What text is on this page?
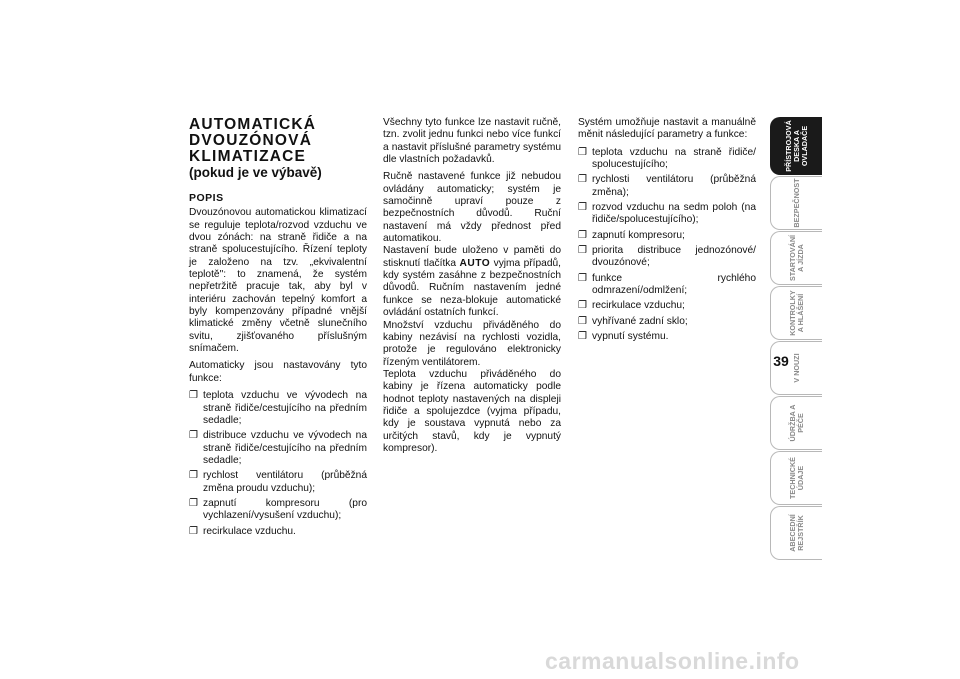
AUTOMATICKÁ
DVOUZÓNOVÁ
KLIMATIZACE
(pokud je ve výbavě)
POPIS

Dvouzónovou automatickou klimatizací se reguluje teplota/rozvod vzduchu ve dvou zónách: na straně řidiče a na straně spolucestujícího. Řízení teploty je založeno na tzv. „ekvivalentní teplotě": to znamená, že systém nepřetržitě pracuje tak, aby byl v interiéru zachován tepelný komfort a byly kompenzovány případné vnější klimatické změny včetně slunečního svitu, zjišťovaného příslušným snímačem.

Automaticky jsou nastavovány tyto funkce:

❐ teplota vzduchu ve vývodech na straně řidiče/cestujícího na předním sedadle;
❐ distribuce vzduchu ve vývodech na straně řidiče/cestujícího na předním sedadle;
❐ rychlost ventilátoru (průběžná změna proudu vzduchu);
❐ zapnutí kompresoru (pro vychlazení/vysušení vzduchu);
❐ recirkulace vzduchu.

Všechny tyto funkce lze nastavit ručně, tzn. zvolit jednu funkci nebo více funkcí a nastavit příslušné parametry systému dle vlastních požadavků.

Ručně nastavené funkce již nebudou ovládány automaticky; systém je samočinně upraví pouze z bezpečnostních důvodů. Ruční nastavení má vždy přednost před automatikou.
Nastavení bude uloženo v paměti do stisknutí tlačítka AUTO vyjma případů, kdy systém zasáhne z bezpečnostních důvodů. Ručním nastavením jedné funkce se neza-blokuje automatické ovládání ostatních funkcí.
Množství vzduchu přiváděného do kabiny nezávisí na rychlosti vozidla, protože je regulováno elektronicky řízeným ventilátorem.
Teplota vzduchu přiváděného do kabiny je řízena automaticky podle hodnot teploty nastavených na displeji řidiče a spolujezdce (vyjma případu, kdy je soustava vypnutá nebo za určitých stavů, kdy je vypnutý kompresor).

Systém umožňuje nastavit a manuálně měnit následující parametry a funkce:

❐ teplota vzduchu na straně řidiče/ spolucestujícího;
❐ rychlosti ventilátoru (průběžná změna);
❐ rozvod vzduchu na sedm poloh (na řidiče/spolucestujícího);
❐ zapnutí kompresoru;
❐ priorita distribuce jednozónové/ dvouzónové;
❐ funkce rychlého odmrazení/odmlžení;
❐ recirkulace vzduchu;
❐ vyhřívané zadní sklo;
❐ vypnutí systému.
PŘÍSTROJOVÁ
DESKA A
OVLADAČE
BEZPEČNOST
STARTOVÁNÍ
A JÍZDA
KONTROLKY
A HLÁŠENÍ
V NOUZI
ÚDRŽBA A
PÉČE
TECHNICKÉ
ÚDAJE
ABECEDNÍ
REJSTŘÍK
39
carmanualsonline.info
